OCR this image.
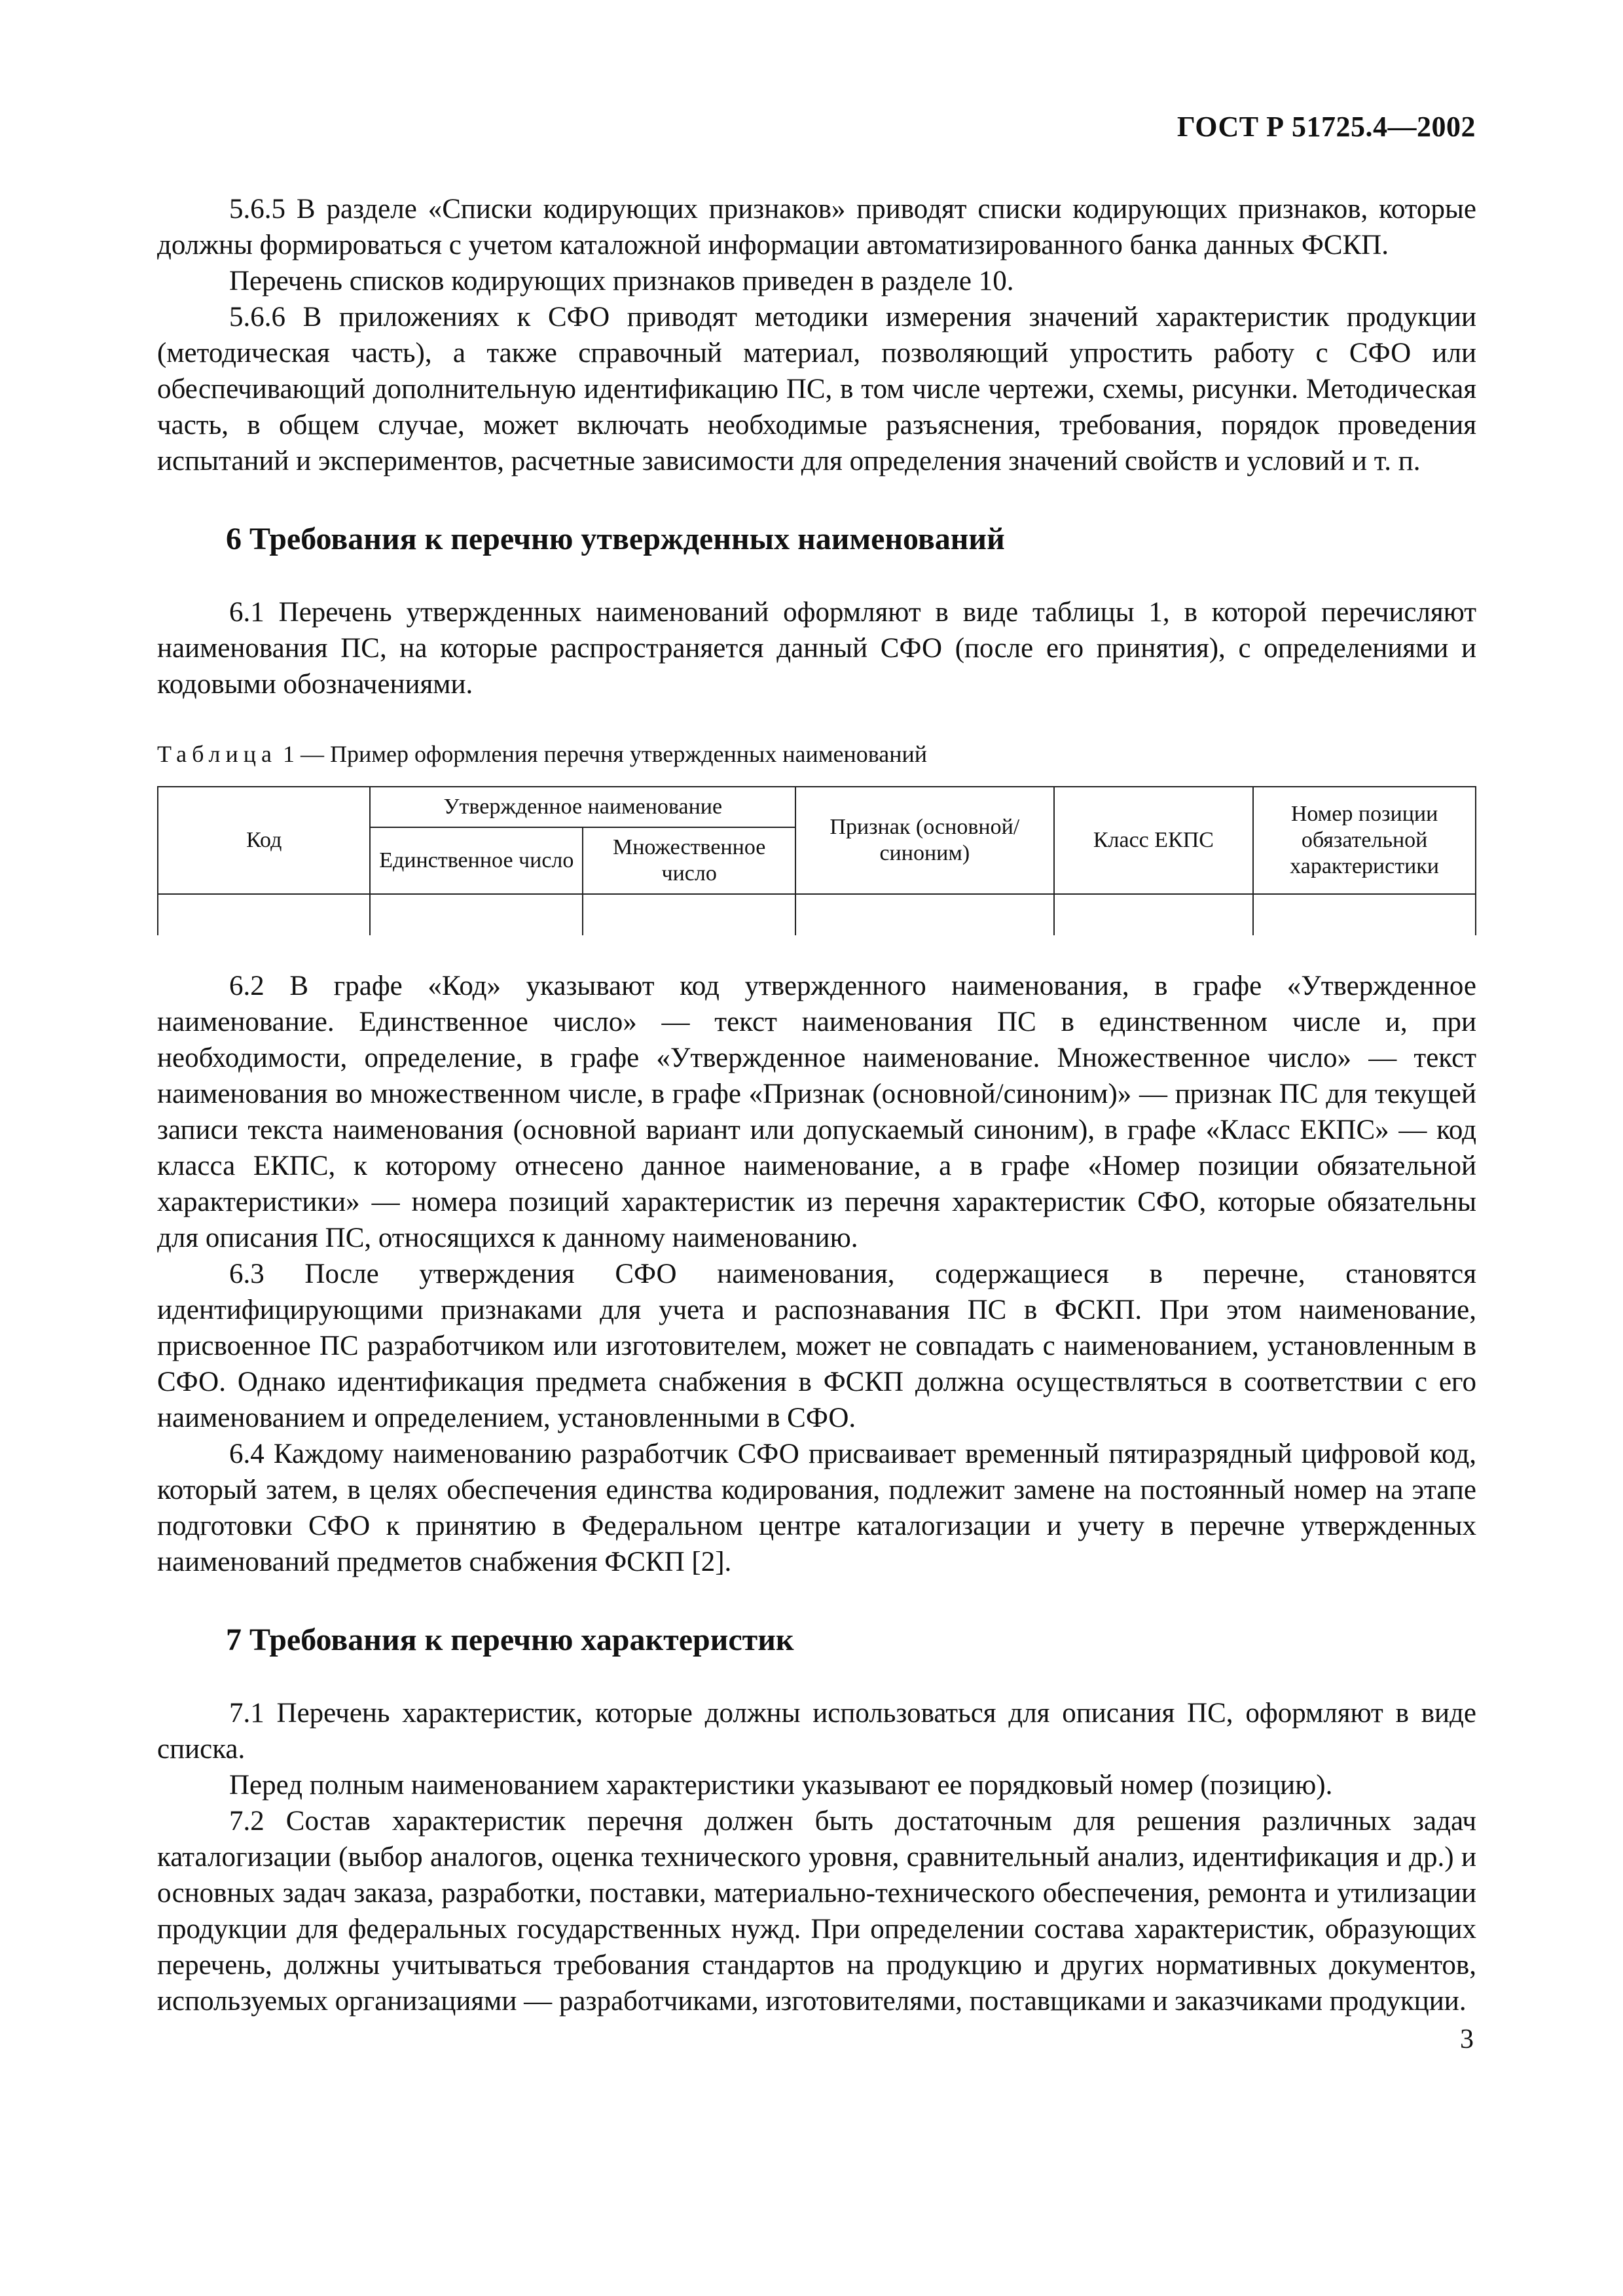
ГОСТ Р 51725.4—2002

5.6.5 В разделе «Списки кодирующих признаков» приводят списки кодирующих признаков, которые должны формироваться с учетом каталожной информации автоматизированного банка данных ФСКП.

Перечень списков кодирующих признаков приведен в разделе 10.

5.6.6 В приложениях к СФО приводят методики измерения значений характеристик продукции (методическая часть), а также справочный материал, позволяющий упростить работу с СФО или обеспечивающий дополнительную идентификацию ПС, в том числе чертежи, схемы, рисунки. Методическая часть, в общем случае, может включать необходимые разъяснения, требования, порядок проведения испытаний и экспериментов, расчетные зависимости для определения значений свойств и условий и т. п.

6 Требования к перечню утвержденных наименований

6.1 Перечень утвержденных наименований оформляют в виде таблицы 1, в которой перечисляют наименования ПС, на которые распространяется данный СФО (после его принятия), с определениями и кодовыми обозначениями.

Таблица 1 — Пример оформления перечня утвержденных наименований
Код	Утвержденное наименование		Признак (основной/синоним)	Класс ЕКПС	Номер позиции обязательной характеристики
	Единственное число	Множественное число			

6.2 В графе «Код» указывают код утвержденного наименования, в графе «Утвержденное наименование. Единственное число» — текст наименования ПС в единственном числе и, при необходимости, определение, в графе «Утвержденное наименование. Множественное число» — текст наименования во множественном числе, в графе «Признак (основной/синоним)» — признак ПС для текущей записи текста наименования (основной вариант или допускаемый синоним), в графе «Класс ЕКПС» — код класса ЕКПС, к которому отнесено данное наименование, а в графе «Номер позиции обязательной характеристики» — номера позиций характеристик из перечня характеристик СФО, которые обязательны для описания ПС, относящихся к данному наименованию.

6.3 После утверждения СФО наименования, содержащиеся в перечне, становятся идентифицирующими признаками для учета и распознавания ПС в ФСКП. При этом наименование, присвоенное ПС разработчиком или изготовителем, может не совпадать с наименованием, установленным в СФО. Однако идентификация предмета снабжения в ФСКП должна осуществляться в соответствии с его наименованием и определением, установленными в СФО.

6.4 Каждому наименованию разработчик СФО присваивает временный пятиразрядный цифровой код, который затем, в целях обеспечения единства кодирования, подлежит замене на постоянный номер на этапе подготовки СФО к принятию в Федеральном центре каталогизации и учету в перечне утвержденных наименований предметов снабжения ФСКП [2].

7 Требования к перечню характеристик

7.1 Перечень характеристик, которые должны использоваться для описания ПС, оформляют в виде списка.

Перед полным наименованием характеристики указывают ее порядковый номер (позицию).

7.2 Состав характеристик перечня должен быть достаточным для решения различных задач каталогизации (выбор аналогов, оценка технического уровня, сравнительный анализ, идентификация и др.) и основных задач заказа, разработки, поставки, материально-технического обеспечения, ремонта и утилизации продукции для федеральных государственных нужд. При определении состава характеристик, образующих перечень, должны учитываться требования стандартов на продукцию и других нормативных документов, используемых организациями — разработчиками, изготовителями, поставщиками и заказчиками продукции.

3
